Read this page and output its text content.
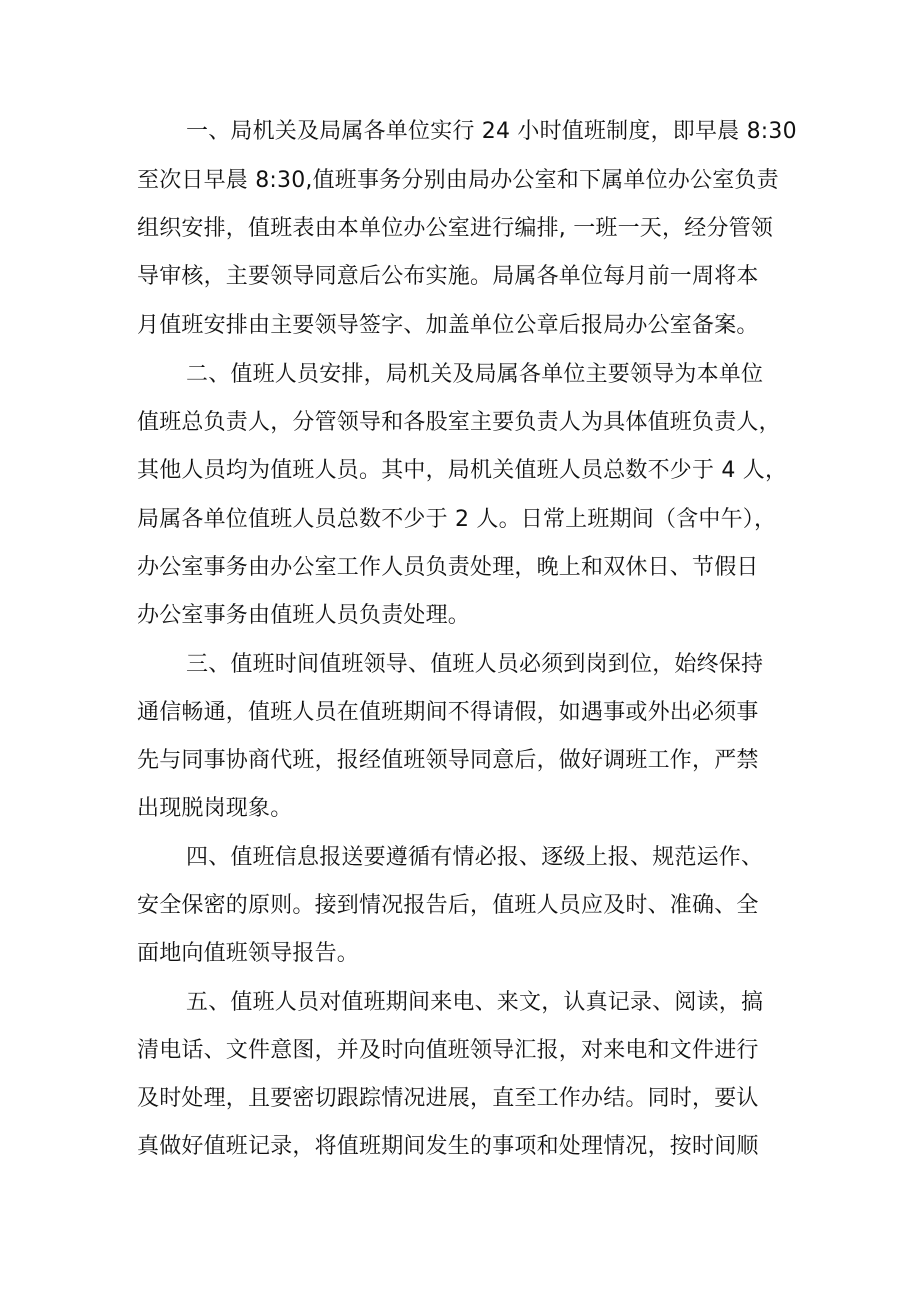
一、局机关及局属各单位实行 24 小时值班制度，即早晨 8:30
至次日早晨 8:30,值班事务分别由局办公室和下属单位办公室负责
组织安排，值班表由本单位办公室进行编排, 一班一天，经分管领
导审核，主要领导同意后公布实施。局属各单位每月前一周将本
月值班安排由主要领导签字、加盖单位公章后报局办公室备案。
二、值班人员安排，局机关及局属各单位主要领导为本单位
值班总负责人，分管领导和各股室主要负责人为具体值班负责人，
其他人员均为值班人员。其中，局机关值班人员总数不少于 4 人，
局属各单位值班人员总数不少于 2 人。日常上班期间（含中午），
办公室事务由办公室工作人员负责处理，晚上和双休日、节假日
办公室事务由值班人员负责处理。
三、值班时间值班领导、值班人员必须到岗到位，始终保持
通信畅通，值班人员在值班期间不得请假，如遇事或外出必须事
先与同事协商代班，报经值班领导同意后，做好调班工作，严禁
出现脱岗现象。
四、值班信息报送要遵循有情必报、逐级上报、规范运作、
安全保密的原则。接到情况报告后，值班人员应及时、准确、全
面地向值班领导报告。
五、值班人员对值班期间来电、来文，认真记录、阅读，搞
清电话、文件意图，并及时向值班领导汇报，对来电和文件进行
及时处理，且要密切跟踪情况进展，直至工作办结。同时，要认
真做好值班记录，将值班期间发生的事项和处理情况，按时间顺
